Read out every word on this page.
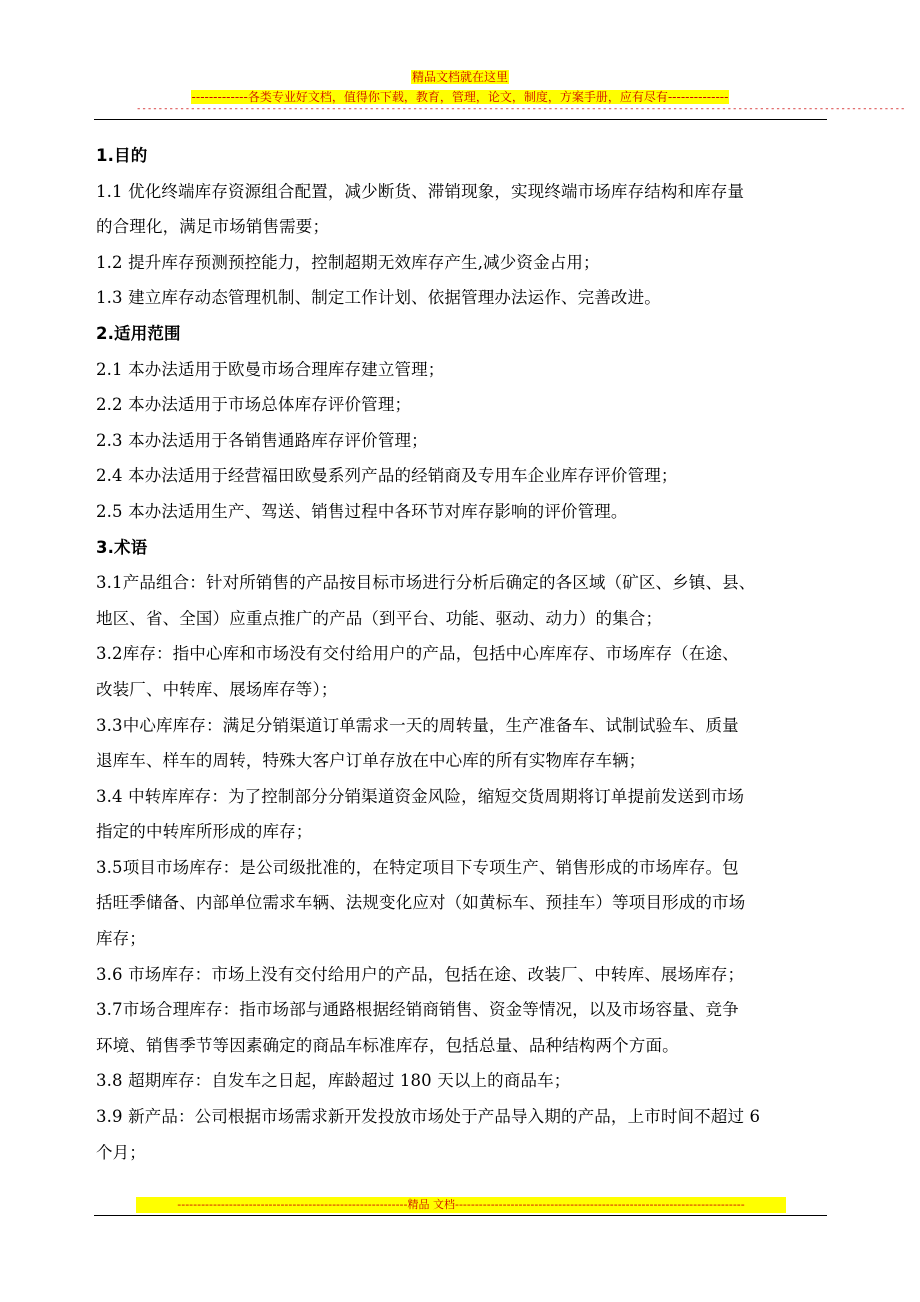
精品文档就在这里
-------------各类专业好文档，值得你下载，教育，管理，论文，制度，方案手册，应有尽有--------------
----------------------------------------------------------------------------------------------------------------------------------------------
1.目的
1.1 优化终端库存资源组合配置，减少断货、滞销现象，实现终端市场库存结构和库存量
的合理化，满足市场销售需要；
1.2 提升库存预测预控能力，控制超期无效库存产生,减少资金占用；
1.3 建立库存动态管理机制、制定工作计划、依据管理办法运作、完善改进。
2.适用范围
2.1 本办法适用于欧曼市场合理库存建立管理；
2.2 本办法适用于市场总体库存评价管理；
2.3 本办法适用于各销售通路库存评价管理；
2.4 本办法适用于经营福田欧曼系列产品的经销商及专用车企业库存评价管理；
2.5 本办法适用生产、驾送、销售过程中各环节对库存影响的评价管理。
3.术语
3.1产品组合：针对所销售的产品按目标市场进行分析后确定的各区域（矿区、乡镇、县、
地区、省、全国）应重点推广的产品（到平台、功能、驱动、动力）的集合；
3.2库存：指中心库和市场没有交付给用户的产品，包括中心库库存、市场库存（在途、
改装厂、中转库、展场库存等）；
3.3中心库库存：满足分销渠道订单需求一天的周转量，生产准备车、试制试验车、质量
退库车、样车的周转，特殊大客户订单存放在中心库的所有实物库存车辆；
3.4 中转库库存：为了控制部分分销渠道资金风险，缩短交货周期将订单提前发送到市场
指定的中转库所形成的库存；
3.5项目市场库存：是公司级批准的，在特定项目下专项生产、销售形成的市场库存。包
括旺季储备、内部单位需求车辆、法规变化应对（如黄标车、预挂车）等项目形成的市场
库存；
3.6 市场库存：市场上没有交付给用户的产品，包括在途、改装厂、中转库、展场库存；
3.7市场合理库存：指市场部与通路根据经销商销售、资金等情况，以及市场容量、竞争
环境、销售季节等因素确定的商品车标准库存，包括总量、品种结构两个方面。
3.8 超期库存：自发车之日起，库龄超过 180 天以上的商品车；
3.9 新产品：公司根据市场需求新开发投放市场处于产品导入期的产品，上市时间不超过 6
个月；
----------------------------------------------------------精品 文档-------------------------------------------------------------------------
